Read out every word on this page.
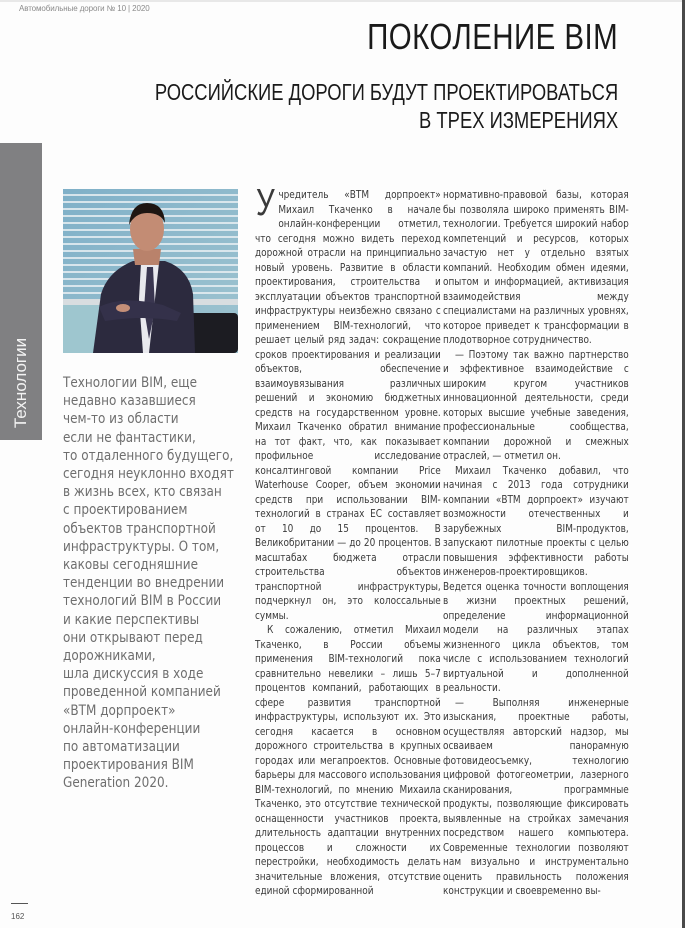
Автомобильные дороги № 10 | 2020
ПОКОЛЕНИЕ BIM
РОССИЙСКИЕ ДОРОГИ БУДУТ ПРОЕКТИРОВАТЬСЯ
В ТРЕХ ИЗМЕРЕНИЯХ
Технологии Технологии BIM, еще
недавно казавшиеся
чем-то из области
если не фантастики,
то отдаленного будущего,
сегодня неуклонно входят
в жизнь всех, кто связан
с проектированием
объектов транспортной
инфраструктуры. О том,
каковы сегодняшние
тенденции во внедрении
технологий BIM в России
и какие перспективы
они открывают перед
дорожниками,
шла дискуссия в ходе
проведенной компанией
«ВТМ дорпроект»
онлайн-конференции
по автоматизации
проектирования BIM
Generation 2020.

Учредитель «ВТМ дорпроект» Михаил Ткаченко в начале онлайн-конференции отметил, что сегодня можно видеть переход дорожной отрасли на принципиально новый уровень. Развитие в области проектирования, строительства и эксплуатации объектов транспортной инфраструктуры неизбежно связано с применением BIM-технологий, что решает целый ряд задач: сокращение сроков проектирования и реализации объектов, обеспечение взаимоувязывания различных решений и экономию бюджетных средств на государственном уровне. Михаил Ткаченко обратил внимание на тот факт, что, как показывает профильное исследование консалтинговой компании Price Waterhouse Cooper, объем экономии средств при использовании BIM-технологий в странах ЕС составляет от 10 до 15 процентов. В Великобритании — до 20 процентов. В масштабах бюджета отрасли строительства объектов транспортной инфраструктуры, подчеркнул он, это колоссальные суммы.

К сожалению, отметил Михаил Ткаченко, в России объемы применения BIM-технологий пока сравнительно невелики – лишь 5–7 процентов компаний, работающих в сфере развития транспортной инфраструктуры, используют их. Это сегодня касается в основном дорожного строительства в крупных городах или мегапроектов. Основные барьеры для массового использования BIM-технологий, по мнению Михаила Ткаченко, это отсутствие технической оснащенности участников проекта, длительность адаптации внутренних процессов и сложности их перестройки, необходимость делать значительные вложения, отсутствие единой сформированной

нормативно-правовой базы, которая бы позволяла широко применять BIM-технологии. Требуется широкий набор компетенций и ресурсов, которых зачастую нет у отдельно взятых компаний. Необходим обмен идеями, опытом и информацией, активизация взаимодействия между специалистами на различных уровнях, которое приведет к трансформации в плодотворное сотрудничество.

— Поэтому так важно партнерство и эффективное взаимодействие с широким кругом участников инновационной деятельности, среди которых высшие учебные заведения, профессиональные сообщества, компании дорожной и смежных отраслей, — отметил он.

Михаил Ткаченко добавил, что начиная с 2013 года сотрудники компании «ВТМ дорпроект» изучают возможности отечественных и зарубежных BIM-продуктов, запускают пилотные проекты с целью повышения эффективности работы инженеров-проектировщиков. Ведется оценка точности воплощения в жизни проектных решений, определение информационной модели на различных этапах жизненного цикла объектов, том числе с использованием технологий виртуальной и дополненной реальности.

— Выполняя инженерные изыскания, проектные работы, осуществляя авторский надзор, мы осваиваем панорамную фотовидеосъемку, технологию цифровой фотогеометрии, лазерного сканирования, программные продукты, позволяющие фиксировать выявленные на стройках замечания посредством нашего компьютера. Современные технологии позволяют нам визуально и инструментально оценить правильность положения конструкции и своевременно вы-

162
